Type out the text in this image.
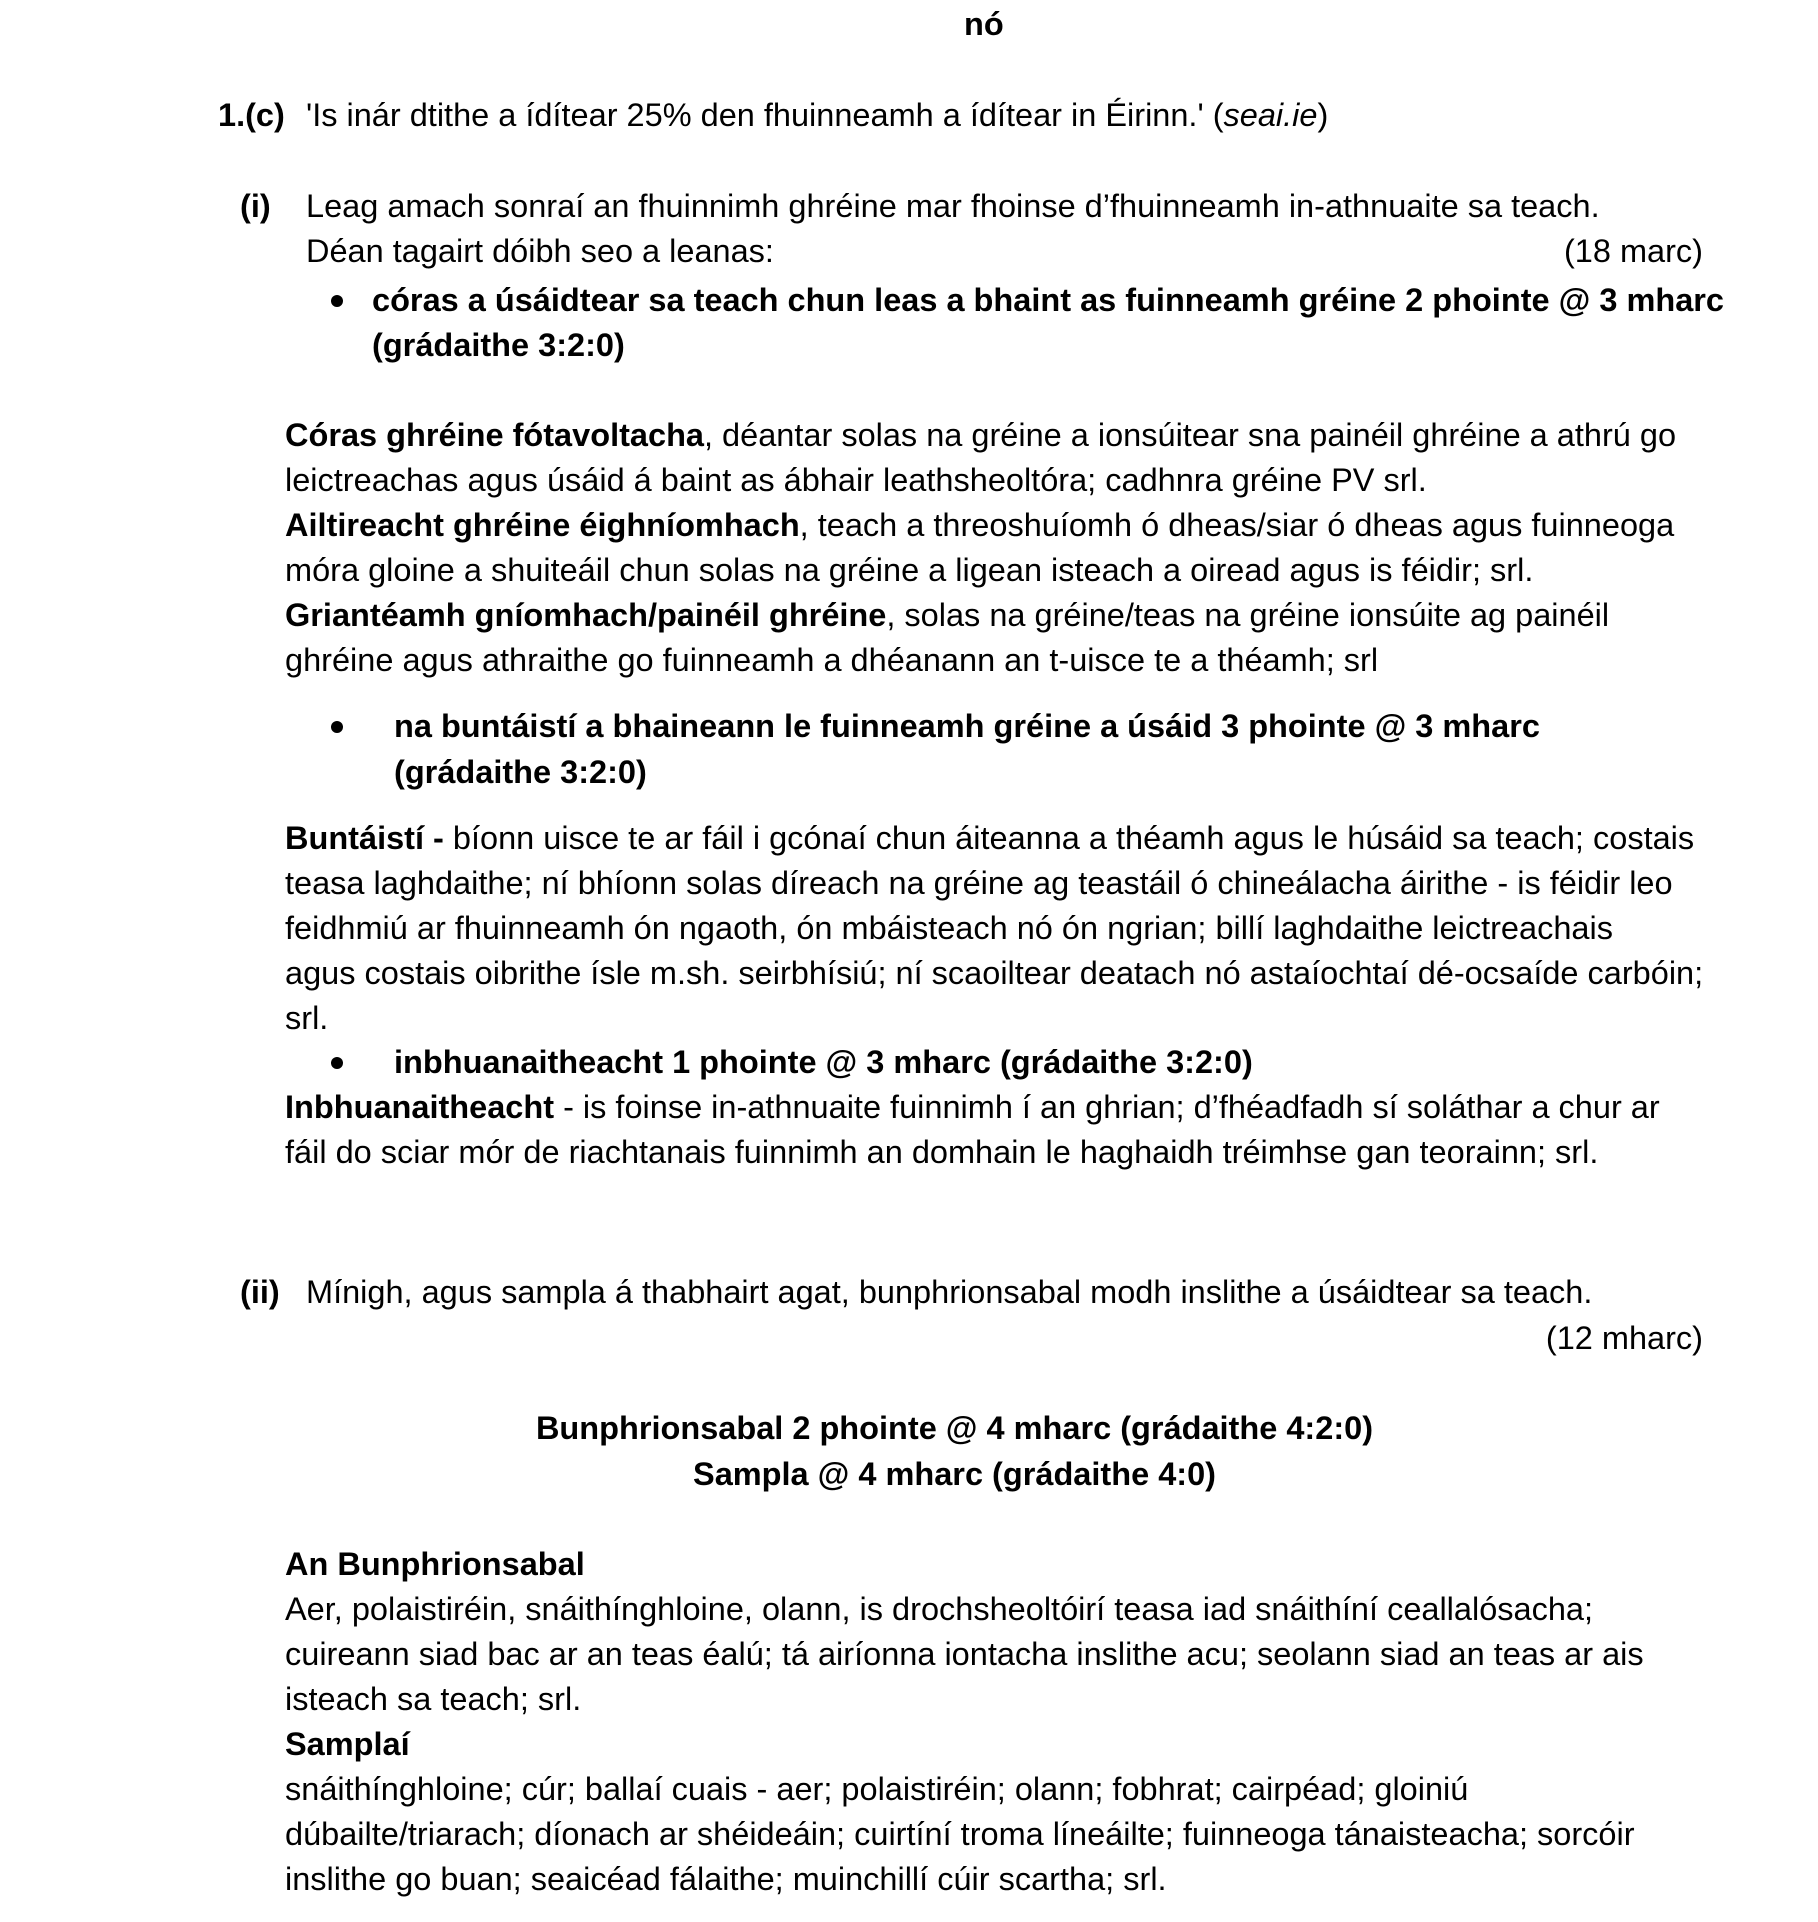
nó
1.(c) 'Is inár dtithe a ídítear 25% den fhuinneamh a ídítear in Éirinn.' (seai.ie)
(i) Leag amach sonraí an fhuinnimh ghréine mar fhoinse d’fhuinneamh in-athnuaite sa teach.
Déan tagairt dóibh seo a leanas:	(18 marc)
córas a úsáidtear sa teach chun leas a bhaint as fuinneamh gréine 2 phointe @ 3 mharc
(grádaithe 3:2:0)

Córas ghréine fótavoltacha, déantar solas na gréine a ionsúitear sna painéil ghréine a athrú go

leictreachas agus úsáid á baint as ábhair leathsheoltóra; cadhnra gréine PV srl.

Ailtireacht ghréine éighníomhach, teach a threoshuíomh ó dheas/siar ó dheas agus fuinneoga

móra gloine a shuiteáil chun solas na gréine a ligean isteach a oiread agus is féidir; srl.

Griantéamh gníomhach/painéil ghréine, solas na gréine/teas na gréine ionsúite ag painéil

ghréine agus athraithe go fuinneamh a dhéanann an t-uisce te a théamh; srl

na buntáistí a bhaineann le fuinneamh gréine a úsáid 3 phointe @ 3 mharc
(grádaithe 3:2:0)

Buntáistí - bíonn uisce te ar fáil i gcónaí chun áiteanna a théamh agus le húsáid sa teach; costais

teasa laghdaithe; ní bhíonn solas díreach na gréine ag teastáil ó chineálacha áirithe - is féidir leo

feidhmiú ar fhuinneamh ón ngaoth, ón mbáisteach nó ón ngrian; billí laghdaithe leictreachais

agus costais oibrithe ísle m.sh. seirbhísiú; ní scaoiltear deatach nó astaíochtaí dé-ocsaíde carbóin;

srl.

inbhuanaitheacht 1 phointe @ 3 mharc (grádaithe 3:2:0)

Inbhuanaitheacht - is foinse in-athnuaite fuinnimh í an ghrian; d’fhéadfadh sí soláthar a chur ar

fáil do sciar mór de riachtanais fuinnimh an domhain le haghaidh tréimhse gan teorainn; srl.

(ii) Mínigh, agus sampla á thabhairt agat, bunphrionsabal modh inslithe a úsáidtear sa teach.
(12 mharc)
Bunphrionsabal 2 phointe @ 4 mharc (grádaithe 4:2:0)
Sampla @ 4 mharc (grádaithe 4:0)

An Bunphrionsabal

Aer, polaistiréin, snáithínghloine, olann, is drochsheoltóirí teasa iad snáithíní ceallalósacha;

cuireann siad bac ar an teas éalú; tá airíonna iontacha inslithe acu; seolann siad an teas ar ais

isteach sa teach; srl.

Samplaí

snáithínghloine; cúr; ballaí cuais - aer; polaistiréin; olann; fobhrat; cairpéad; gloiniú

dúbailte/triarach; díonach ar shéideáin; cuirtíní troma líneáilte; fuinneoga tánaisteacha; sorcóir

inslithe go buan; seaicéad fálaithe; muinchillí cúir scartha; srl.
